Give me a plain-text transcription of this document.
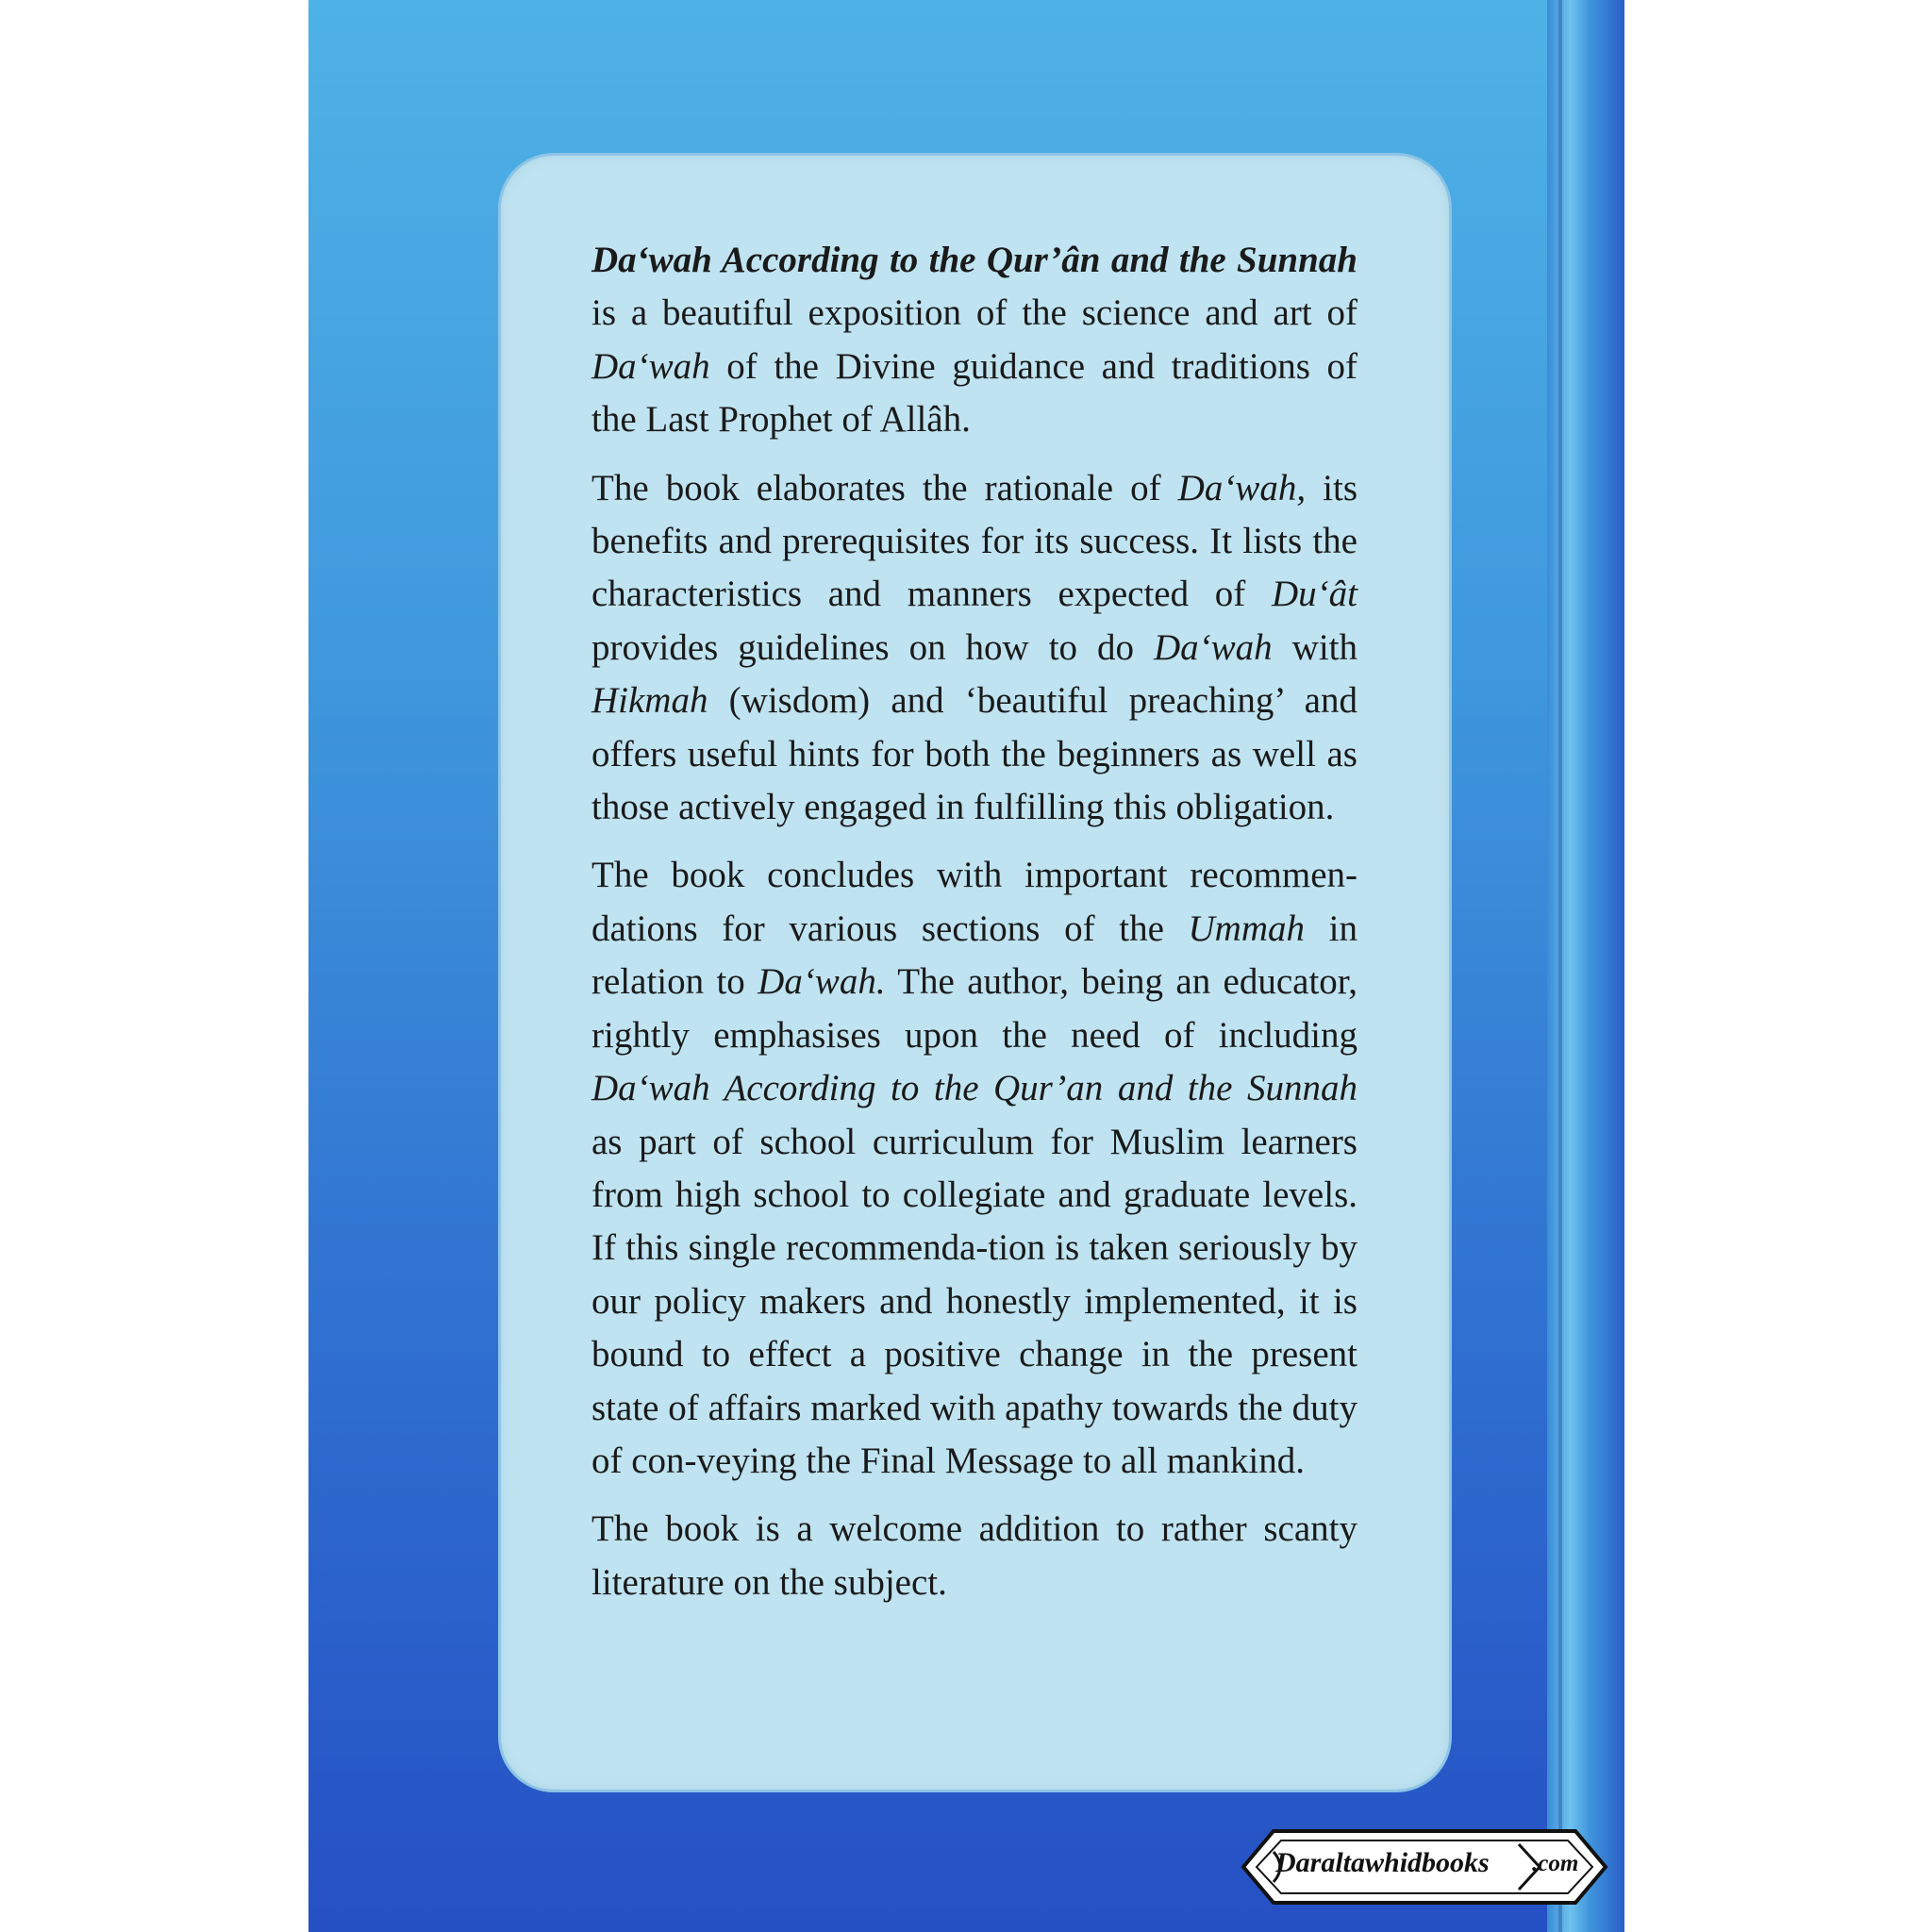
Da‘wah According to the Qur’ân and the Sunnah is a beautiful exposition of the science and art of Da‘wah of the Divine guidance and traditions of the Last Prophet of Allâh.

The book elaborates the rationale of Da‘wah, its benefits and prerequisites for its success. It lists the characteristics and manners expected of Du‘ât provides guidelines on how to do Da‘wah with Hikmah (wisdom) and ‘beautiful preaching’ and offers useful hints for both the beginners as well as those actively engaged in fulfilling this obligation.

The book concludes with important recommen-dations for various sections of the Ummah in relation to Da‘wah. The author, being an educator, rightly emphasises upon the need of including Da‘wah According to the Qur’an and the Sunnah as part of school curriculum for Muslim learners from high school to collegiate and graduate levels. If this single recommenda-tion is taken seriously by our policy makers and honestly implemented, it is bound to effect a positive change in the present state of affairs marked with apathy towards the duty of con-veying the Final Message to all mankind.

The book is a welcome addition to rather scanty literature on the subject.

Daraltawhidbooks .com
